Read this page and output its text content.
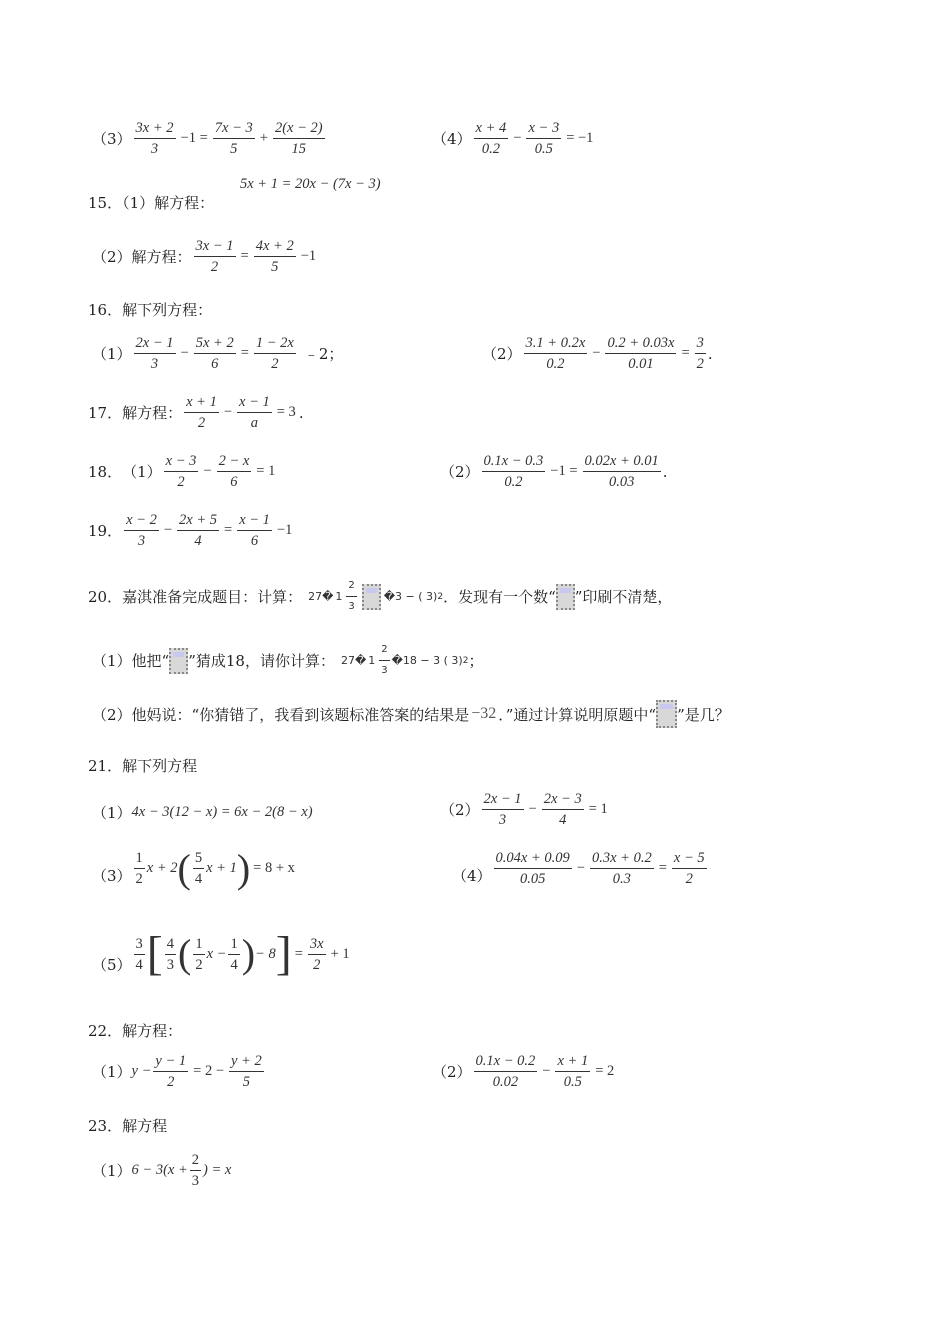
$(3) \frac{3x + 2}{3} -1 = \frac{7x - 3}{5} + \frac{2(x - 2)}{15}$	$(4) \frac{x + 4}{0.2} - \frac{x - 3}{0.5} = -1$
5x + 1 = 20x − (7x − 3)
15．（1）解方程：
（2）解方程： $\frac{3x - 1}{2} = \frac{4x + 2}{5} -1$
16．解下列方程：
$(1) \frac{2x - 1}{3} - \frac{5x + 2}{6} = \frac{1 - 2x}{2}$ ﹣2；	$(2) \frac{3.1 + 0.2x}{0.2} - \frac{0.2 + 0.03x}{0.01} = \frac{3}{2}$ .
17．解方程： $\frac{x + 1}{2} - \frac{x - 1}{a} = 3$ .
18． $(1) \frac{x - 3}{2} - \frac{2 - x}{6} = 1$	$(2) \frac{0.1x - 0.3}{0.2} -1 = \frac{0.02x + 0.01}{0.03}$ .
19． $\frac{x - 2}{3} - \frac{2x + 5}{4} = \frac{x - 1}{6} -1$
20．嘉淇准备完成题目：计算： 27� $1 \frac{2}{3}$ �3 − ( 3) 2 ．发现有一个数“ ”印刷不清楚，
（1）他把“ ”猜成18，请你计算： 27� $1 \frac{2}{3}$ �18 − 3 ( 3) 2 ；
（2）他妈说：“你猜错了，我看到该题标准答案的结果是 −32 ．”通过计算说明原题中“ ”是几？
21．解下列方程
（1） 4x − 3(12 − x) = 6x − 2(8 − x)	$(2) \frac{2x - 1}{3} - \frac{2x - 3}{4} = 1$
$(3) \frac{1}{2}$ x + 2 ( $\frac{5}{4}$ x + 1 ) = 8 + x	$(4) \frac{0.04x + 0.09}{0.05} - \frac{0.3x + 0.2}{0.3} = \frac{x - 5}{2}$
$(5) \frac{3}{4}$ [ $\frac{4}{3}$ ( $\frac{1}{2}$ $x - \frac{1}{4}$ ) − 8 ] = $\frac{3x}{2} + 1$
22．解方程：
（1） $y - \frac{y - 1}{2} = 2 - \frac{y + 2}{5}$	$(2) \frac{0.1x - 0.2}{0.02} - \frac{x + 1}{0.5} = 2$
23．解方程
（1） $6 - 3(x + \frac{2}{3}$ ) = x
